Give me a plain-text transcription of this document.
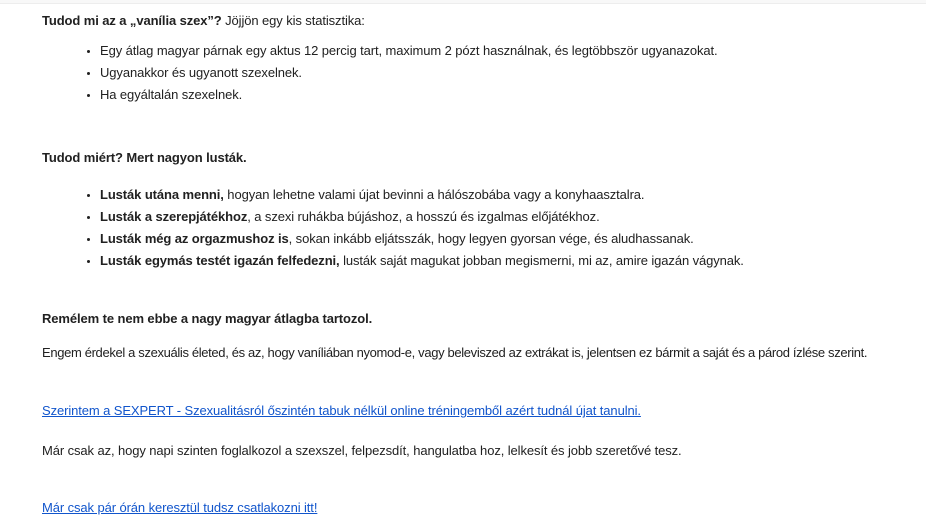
Tudod mi az a „vanília szex”? Jöjjön egy kis statisztika:

• Egy átlag magyar párnak egy aktus 12 percig tart, maximum 2 pózt használnak, és legtöbbször ugyanazokat.
• Ugyanakkor és ugyanott szexelnek.
• Ha egyáltalán szexelnek.

Tudod miért? Mert nagyon lusták.

• Lusták utána menni, hogyan lehetne valami újat bevinni a hálószobába vagy a konyhaasztalra.
• Lusták a szerepjátékhoz, a szexi ruhákba bújáshoz, a hosszú és izgalmas előjátékhoz.
• Lusták még az orgazmushoz is, sokan inkább eljátsszák, hogy legyen gyorsan vége, és aludhassanak.
• Lusták egymás testét igazán felfedezni, lusták saját magukat jobban megismerni, mi az, amire igazán vágynak.

Remélem te nem ebbe a nagy magyar átlagba tartozol.

Engem érdekel a szexuális életed, és az, hogy vaníliában nyomod-e, vagy beleviszed az extrákat is, jelentsen ez bármit a saját és a párod ízlése szerint.

Szerintem a SEXPERT - Szexualitásról őszintén tabuk nélkül online tréningemből azért tudnál újat tanulni.

Már csak az, hogy napi szinten foglalkozol a szexszel, felpezsdít, hangulatba hoz, lelkesít és jobb szeretővé tesz.

Már csak pár órán keresztül tudsz csatlakozni itt!
